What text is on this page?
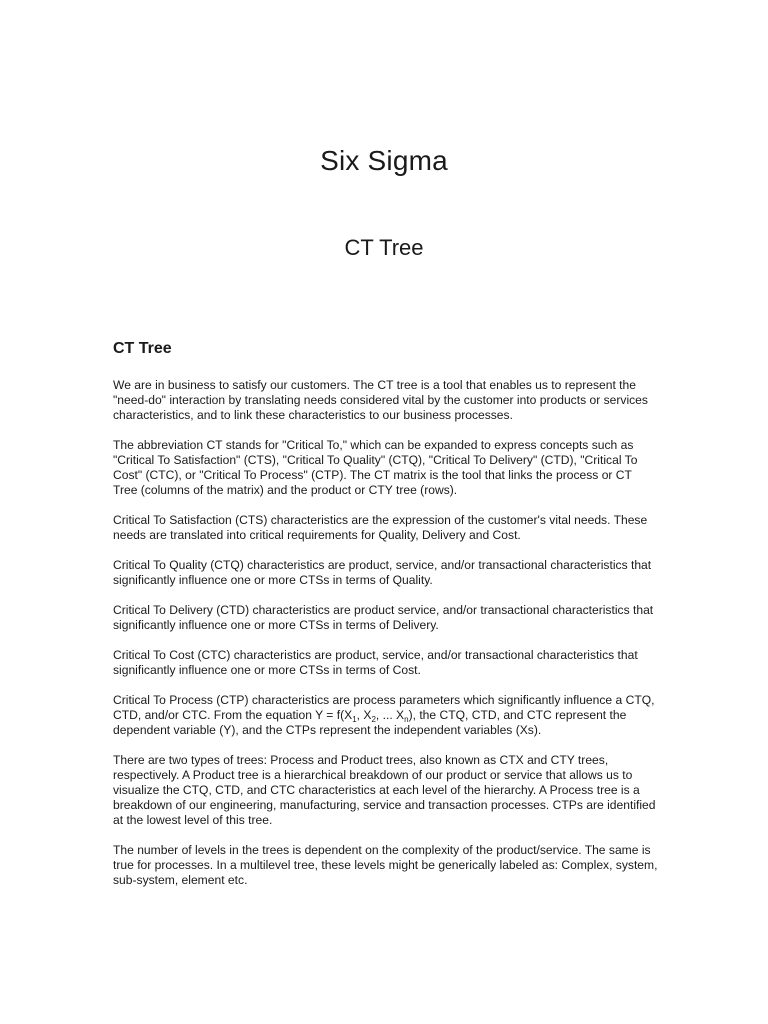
Six Sigma
CT Tree
CT Tree

We are in business to satisfy our customers. The CT tree is a tool that enables us to represent the "need-do" interaction by translating needs considered vital by the customer into products or services characteristics, and to link these characteristics to our business processes.

The abbreviation CT stands for "Critical To," which can be expanded to express concepts such as "Critical To Satisfaction" (CTS), "Critical To Quality" (CTQ), "Critical To Delivery" (CTD), "Critical To Cost" (CTC), or "Critical To Process" (CTP). The CT matrix is the tool that links the process or CT Tree (columns of the matrix) and the product or CTY tree (rows).

Critical To Satisfaction (CTS) characteristics are the expression of the customer's vital needs. These needs are translated into critical requirements for Quality, Delivery and Cost.

Critical To Quality (CTQ) characteristics are product, service, and/or transactional characteristics that significantly influence one or more CTSs in terms of Quality.

Critical To Delivery (CTD) characteristics are product service, and/or transactional characteristics that significantly influence one or more CTSs in terms of Delivery.

Critical To Cost (CTC) characteristics are product, service, and/or transactional characteristics that significantly influence one or more CTSs in terms of Cost.

Critical To Process (CTP) characteristics are process parameters which significantly influence a CTQ, CTD, and/or CTC. From the equation $Y = f(X_1$, $X_2$, ... $X_n$), the CTQ, CTD, and CTC represent the dependent variable (Y), and the CTPs represent the independent variables (Xs).

There are two types of trees: Process and Product trees, also known as CTX and CTY trees, respectively. A Product tree is a hierarchical breakdown of our product or service that allows us to visualize the CTQ, CTD, and CTC characteristics at each level of the hierarchy. A Process tree is a breakdown of our engineering, manufacturing, service and transaction processes. CTPs are identified at the lowest level of this tree.

The number of levels in the trees is dependent on the complexity of the product/service. The same is true for processes. In a multilevel tree, these levels might be generically labeled as: Complex, system, sub-system, element etc.
